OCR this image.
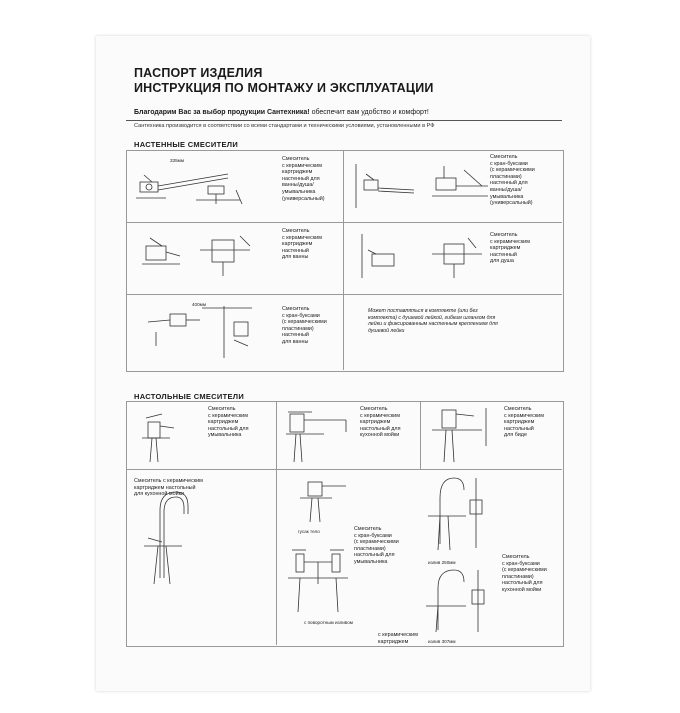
ПАСПОРТ ИЗДЕЛИЯ
ИНСТРУКЦИЯ ПО МОНТАЖУ И ЭКСПЛУАТАЦИИ
Благодарим Вас за выбор продукции Сантехника! обеспечит вам удобство и комфорт!
Сантехника производится в соответствии со всеми стандартами и техническими условиями, установленными в РФ
НАСТЕННЫЕ СМЕСИТЕЛИ
335мм	Смеситель
с керамическим
картриджем
настенный для
ванны/душа/
умывальника
(универсальный)
Смеситель
с кран-буксами
(с керамическими
пластинами)
настенный для
ванны/душа/
умывальника
(универсальный)
Смеситель
с керамическим
картриджем
настенный
для ванны
Смеситель
с керамическим
картриджем
настенный
для душа
400мм
Смеситель
с кран-буксами
(с керамическими
пластинами)
настенный
для ванны
Может поставляться в комплекте (или без
комплекта) с душевой лейкой, гибким шлангом для
лейки и фиксированным настенным креплением для
душевой лейки
НАСТОЛЬНЫЕ СМЕСИТЕЛИ
Смеситель
с керамическим
картриджем
настольный для
умывальника
Смеситель
с керамическим
картриджем
настольный для
кухонной мойки
Смеситель
с керамическим
картриджем
настольный
для биде
Смеситель с керамическим
картриджем настольный
для кухонной мойки
гусак тело	Смеситель
с кран-буксами
(с керамическими
пластинами)
настольный для
умывальника
с поворотным изливом
излив 250мм
Смеситель
с кран-буксами
(с керамическими
пластинами)
настольный для
кухонной мойки
излив 307мм
с керамическим
картриджем
